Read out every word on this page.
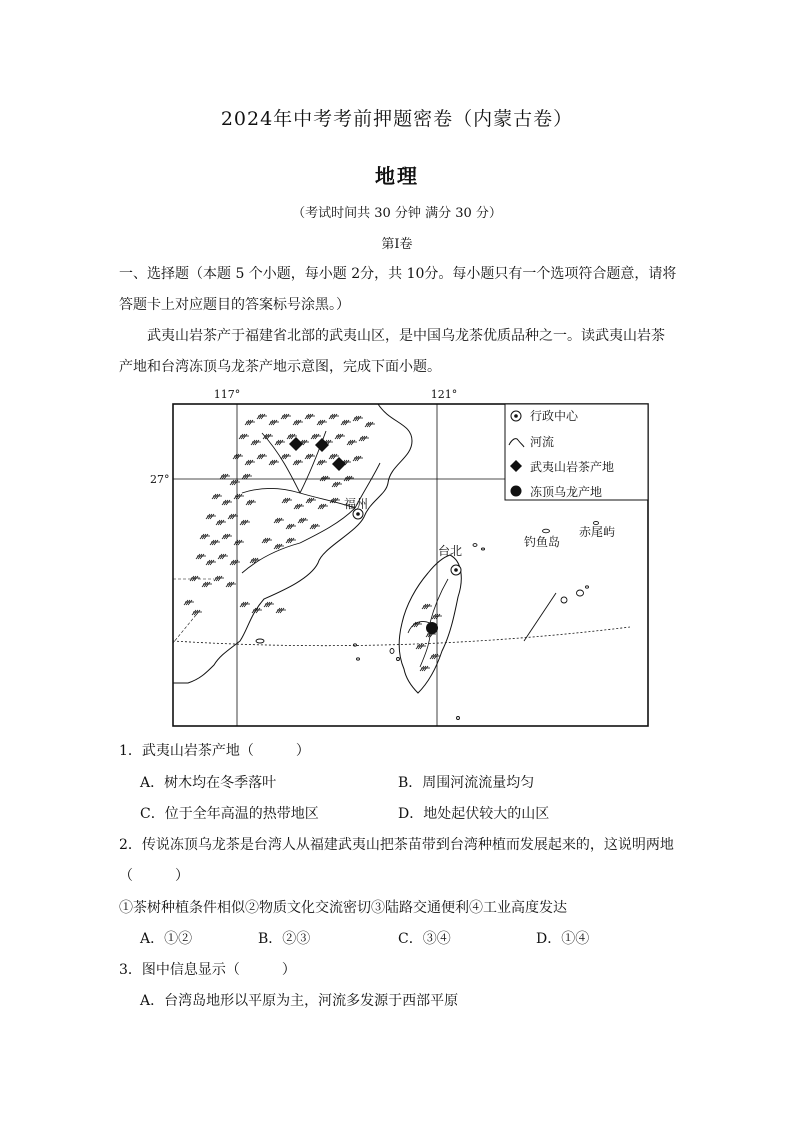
2024年中考考前押题密卷（内蒙古卷）
地理
（考试时间共 30 分钟 满分 30 分）
第Ⅰ卷
一、选择题（本题 5 个小题，每小题 2分，共 10分。每小题只有一个选项符合题意，请将
答题卡上对应题目的答案标号涂黑。）
武夷山岩茶产于福建省北部的武夷山区，是中国乌龙茶优质品种之一。读武夷山岩茶
产地和台湾冻顶乌龙茶产地示意图，完成下面小题。
117°	121°
27°
福州
台北
钓鱼岛
赤尾屿
行政中心
河流
武夷山岩茶产地
冻顶乌龙产地
1．武夷山岩茶产地（　　　）
A．树木均在冬季落叶	B．周围河流流量均匀
C．位于全年高温的热带地区	D．地处起伏较大的山区
2．传说冻顶乌龙茶是台湾人从福建武夷山把茶苗带到台湾种植而发展起来的，这说明两地
（　　　）
①茶树种植条件相似②物质文化交流密切③陆路交通便利④工业高度发达
A．①②	B．②③	C．③④	D．①④
3．图中信息显示（　　　）
A．台湾岛地形以平原为主，河流多发源于西部平原
